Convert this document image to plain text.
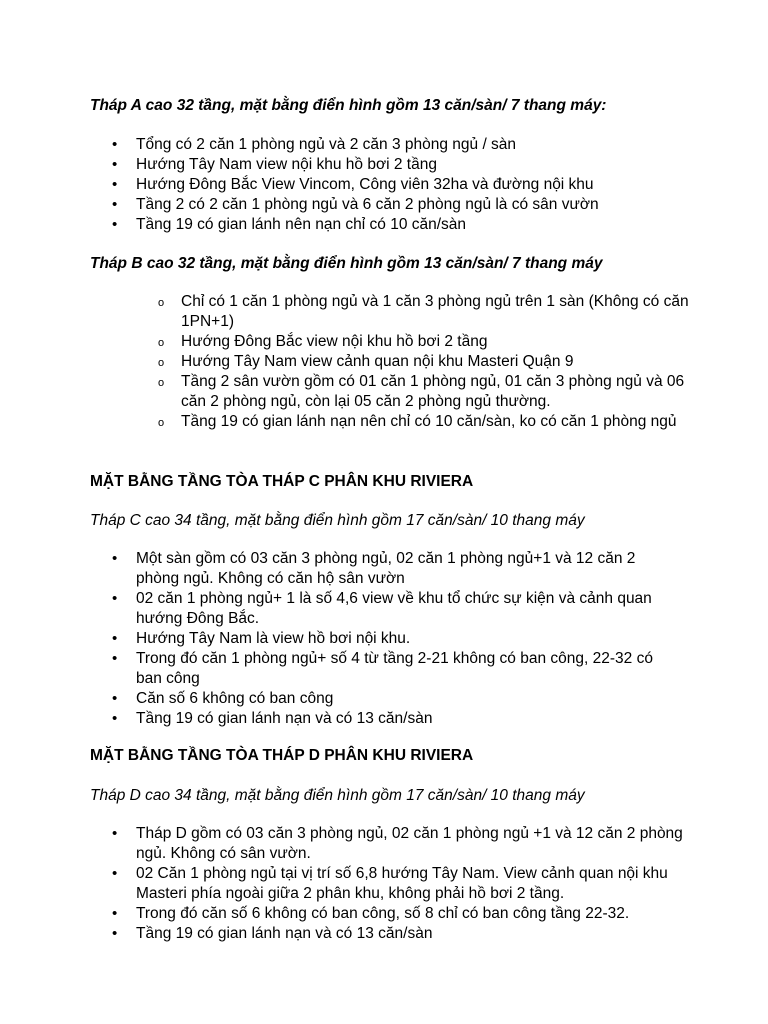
Tháp A cao 32 tầng, mặt bằng điển hình gồm 13 căn/sàn/ 7 thang máy:

• Tổng có 2 căn 1 phòng ngủ và 2 căn 3 phòng ngủ / sàn
• Hướng Tây Nam view nội khu hồ bơi 2 tầng
• Hướng Đông Bắc View Vincom, Công viên 32ha và đường nội khu
• Tầng 2 có 2 căn 1 phòng ngủ và 6 căn 2 phòng ngủ là có sân vườn
• Tầng 19 có gian lánh nên nạn chỉ có 10 căn/sàn

Tháp B cao 32 tầng, mặt bằng điển hình gồm 13 căn/sàn/ 7 thang máy

o Chỉ có 1 căn 1 phòng ngủ và 1 căn 3 phòng ngủ trên 1 sàn (Không có căn 1PN+1)
o Hướng Đông Bắc view nội khu hồ bơi 2 tầng
o Hướng Tây Nam view cảnh quan nội khu Masteri Quận 9
o Tầng 2 sân vườn gồm có 01 căn 1 phòng ngủ, 01 căn 3 phòng ngủ và 06 căn 2 phòng ngủ, còn lại 05 căn 2 phòng ngủ thường.
o Tầng 19 có gian lánh nạn nên chỉ có 10 căn/sàn, ko có căn 1 phòng ngủ

MẶT BẰNG TẦNG TÒA THÁP C PHÂN KHU RIVIERA

Tháp C cao 34 tầng, mặt bằng điển hình gồm 17 căn/sàn/ 10 thang máy

• Một sàn gồm có 03 căn 3 phòng ngủ, 02 căn 1 phòng ngủ+1 và 12 căn 2 phòng ngủ. Không có căn hộ sân vườn
• 02 căn 1 phòng ngủ+ 1 là số 4,6 view về khu tổ chức sự kiện và cảnh quan hướng Đông Bắc.
• Hướng Tây Nam là view hồ bơi nội khu.
• Trong đó căn 1 phòng ngủ+ số 4 từ tầng 2-21 không có ban công, 22-32 có ban công
• Căn số 6 không có ban công
• Tầng 19 có gian lánh nạn và có 13 căn/sàn

MẶT BẰNG TẦNG TÒA THÁP D PHÂN KHU RIVIERA

Tháp D cao 34 tầng, mặt bằng điển hình gồm 17 căn/sàn/ 10 thang máy

• Tháp D gồm có 03 căn 3 phòng ngủ, 02 căn 1 phòng ngủ +1 và 12 căn 2 phòng ngủ. Không có sân vườn.
• 02 Căn 1 phòng ngủ tại vị trí số 6,8 hướng Tây Nam. View cảnh quan nội khu Masteri phía ngoài giữa 2 phân khu, không phải hồ bơi 2 tầng.
• Trong đó căn số 6 không có ban công, số 8 chỉ có ban công tầng 22-32.
• Tầng 19 có gian lánh nạn và có 13 căn/sàn
